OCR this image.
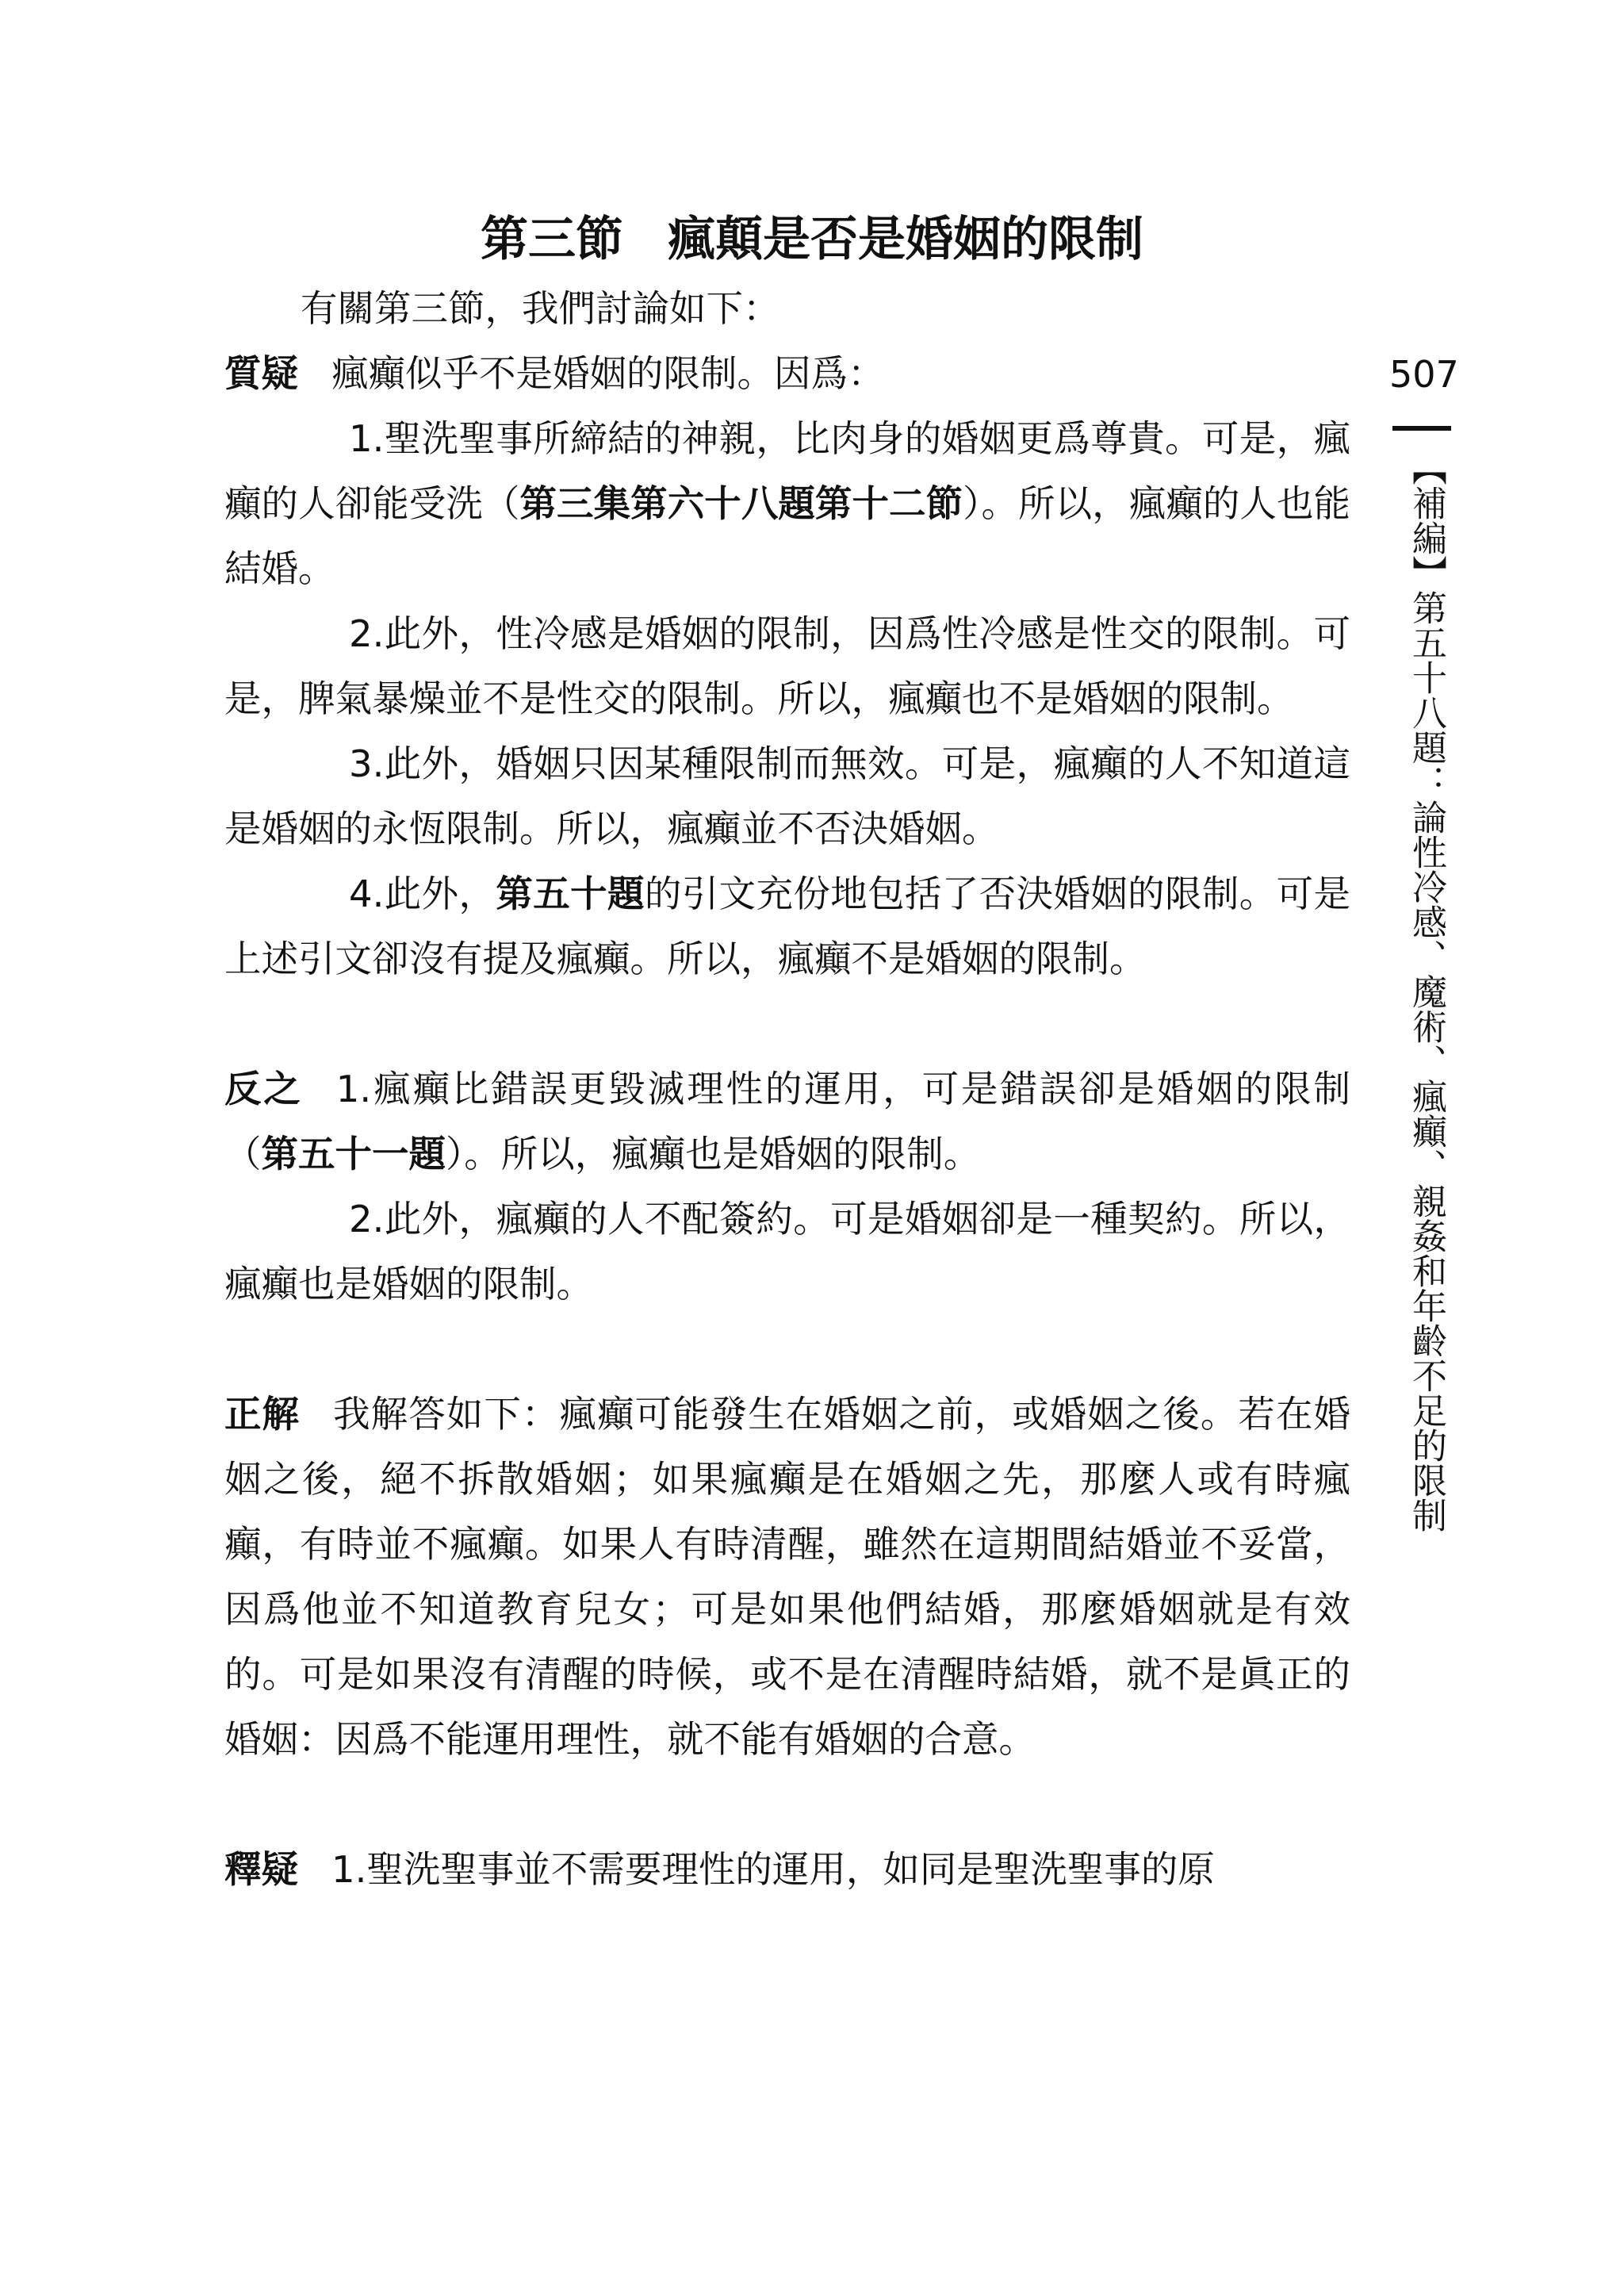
第三節 瘋顛是否是婚姻的限制

有關第三節，我們討論如下：

質疑 瘋癲似乎不是婚姻的限制。因爲：

1.聖洗聖事所締結的神親，比肉身的婚姻更爲尊貴。可是，瘋癲的人卻能受洗（第三集第六十八題第十二節）。所以，瘋癲的人也能結婚。

2.此外，性冷感是婚姻的限制，因爲性冷感是性交的限制。可是，脾氣暴燥並不是性交的限制。所以，瘋癲也不是婚姻的限制。

3.此外，婚姻只因某種限制而無效。可是，瘋癲的人不知道這是婚姻的永恆限制。所以，瘋癲並不否決婚姻。

4.此外，第五十題的引文充份地包括了否決婚姻的限制。可是上述引文卻沒有提及瘋癲。所以，瘋癲不是婚姻的限制。

反之 1.瘋癲比錯誤更毀滅理性的運用，可是錯誤卻是婚姻的限制（第五十一題）。所以，瘋癲也是婚姻的限制。

2.此外，瘋癲的人不配簽約。可是婚姻卻是一種契約。所以，瘋癲也是婚姻的限制。

正解 我解答如下：瘋癲可能發生在婚姻之前，或婚姻之後。若在婚姻之後，絕不拆散婚姻；如果瘋癲是在婚姻之先，那麼人或有時瘋癲，有時並不瘋癲。如果人有時清醒，雖然在這期間結婚並不妥當，因爲他並不知道教育兒女；可是如果他們結婚，那麼婚姻就是有效的。可是如果沒有清醒的時候，或不是在清醒時結婚，就不是眞正的婚姻：因爲不能運用理性，就不能有婚姻的合意。

釋疑 1.聖洗聖事並不需要理性的運用，如同是聖洗聖事的原

507
【補編】第五十八題：論性冷感、魔術、瘋癲、親姦和年齡不足的限制
